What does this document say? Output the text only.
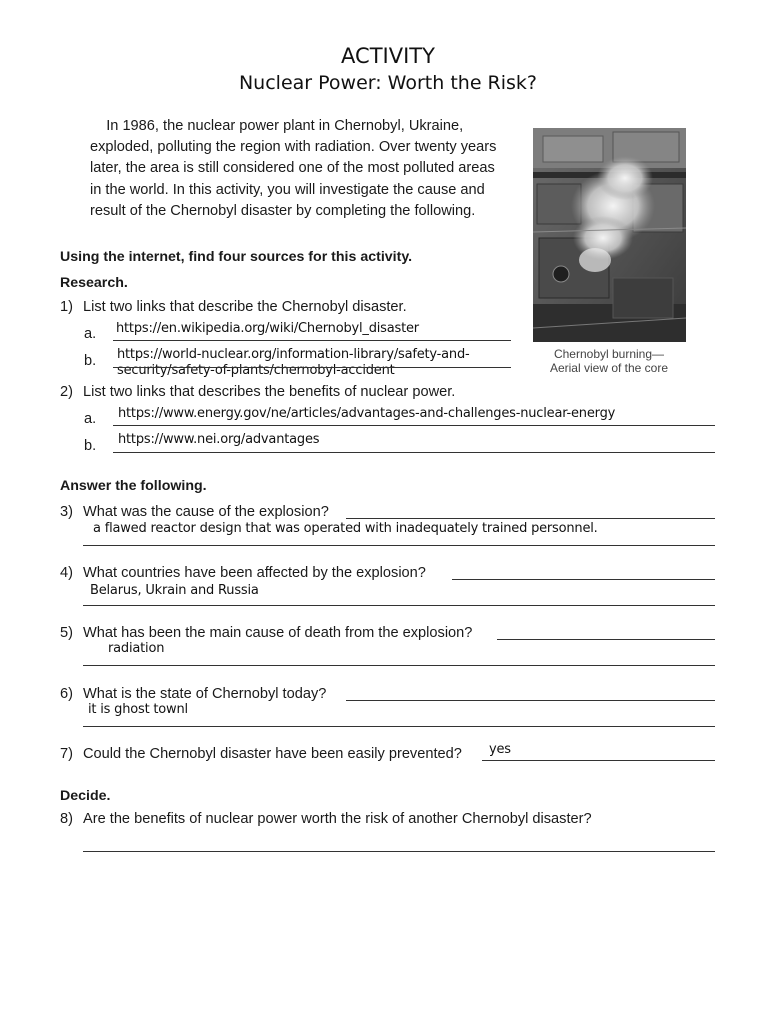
ACTIVITY
Nuclear Power: Worth the Risk?
In 1986, the nuclear power plant in Chernobyl, Ukraine, exploded, polluting the region with radiation. Over twenty years later, the area is still considered one of the most polluted areas in the world. In this activity, you will investigate the cause and result of the Chernobyl disaster by completing the following.
Chernobyl burning—
Aerial view of the core
Using the internet, find four sources for this activity.
Research.
1) List two links that describe the Chernobyl disaster.
a. https://en.wikipedia.org/wiki/Chernobyl_disaster
b. https://world-nuclear.org/information-library/safety-and-
security/safety-of-plants/chernobyl-accident
2) List two links that describes the benefits of nuclear power.
a. https://www.energy.gov/ne/articles/advantages-and-challenges-nuclear-energy
b. https://www.nei.org/advantages
Answer the following.
3) What was the cause of the explosion?
a flawed reactor design that was operated with inadequately trained personnel.
4) What countries have been affected by the explosion?
Belarus, Ukrain and Russia
5) What has been the main cause of death from the explosion?
radiation
6) What is the state of Chernobyl today?
it is ghost townl
7) Could the Chernobyl disaster have been easily prevented? yes
Decide.
8) Are the benefits of nuclear power worth the risk of another Chernobyl disaster?
